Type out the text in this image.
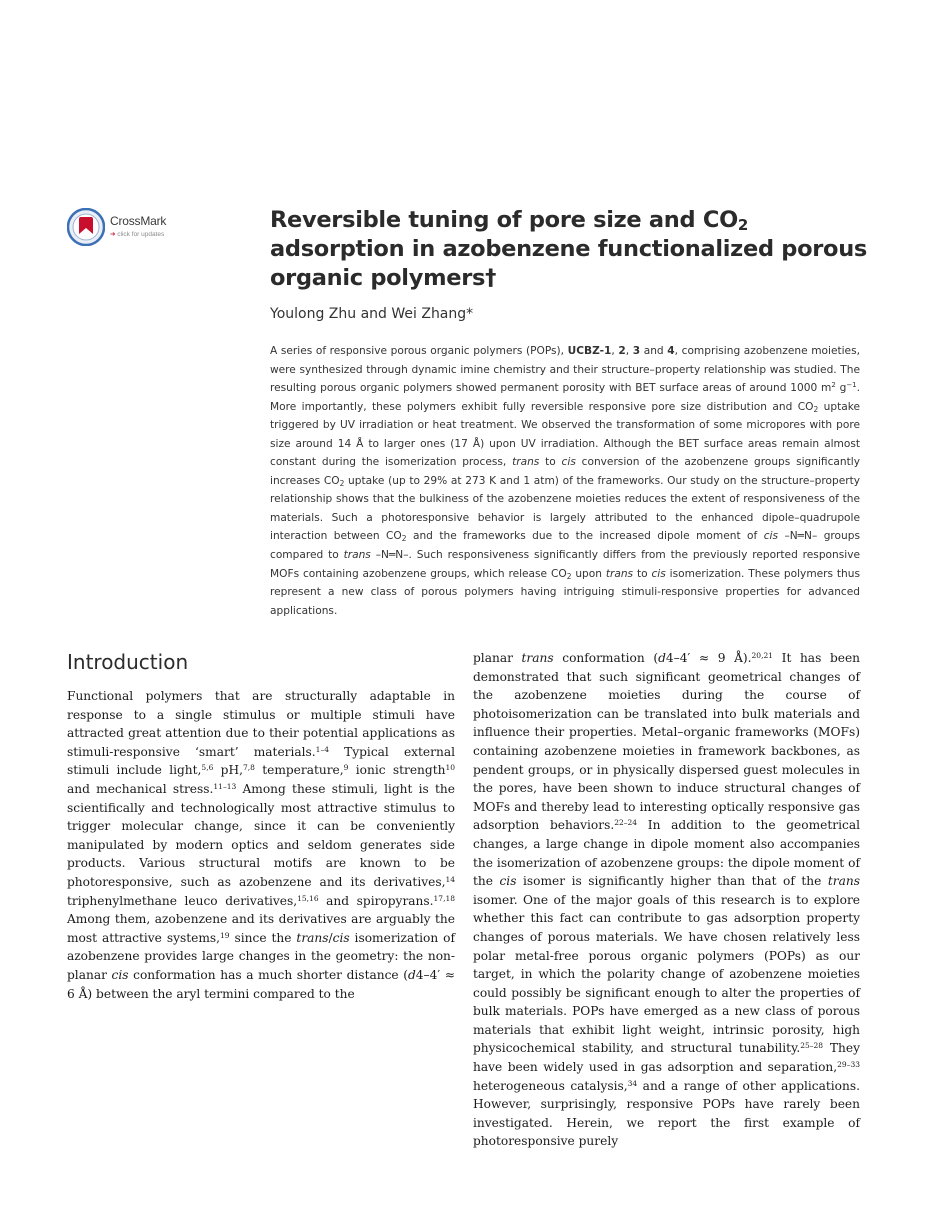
CrossMark
➔ click for updates
Reversible tuning of pore size and $CO_2$ adsorption in azobenzene functionalized porous organic polymers†
Youlong Zhu and Wei Zhang*

A series of responsive porous organic polymers (POPs), UCBZ-1, 2, 3 and 4, comprising azobenzene moieties, were synthesized through dynamic imine chemistry and their structure–property relationship was studied. The resulting porous organic polymers showed permanent porosity with BET surface areas of around 1000 $m^2$ $g^{-1}$. More importantly, these polymers exhibit fully reversible responsive pore size distribution and $CO_2$ uptake triggered by UV irradiation or heat treatment. We observed the transformation of some micropores with pore size around 14 Å to larger ones (17 Å) upon UV irradiation. Although the BET surface areas remain almost constant during the isomerization process, trans to cis conversion of the azobenzene groups significantly increases $CO_2$ uptake (up to 29% at 273 K and 1 atm) of the frameworks. Our study on the structure–property relationship shows that the bulkiness of the azobenzene moieties reduces the extent of responsiveness of the materials. Such a photoresponsive behavior is largely attributed to the enhanced dipole–quadrupole interaction between $CO_2$ and the frameworks due to the increased dipole moment of cis –N═N– groups compared to trans –N═N–. Such responsiveness significantly differs from the previously reported responsive MOFs containing azobenzene groups, which release $CO_2$ upon trans to cis isomerization. These polymers thus represent a new class of porous polymers having intriguing stimuli-responsive properties for advanced applications.

Introduction

Functional polymers that are structurally adaptable in response to a single stimulus or multiple stimuli have attracted great attention due to their potential applications as stimuli-responsive ‘smart’ materials.$^{1-4}$ Typical external stimuli include light,$^{5,6}$ pH,$^{7,8}$ temperature,$^9$ ionic strength$^{10}$ and mechanical stress.$^{11-13}$ Among these stimuli, light is the scientifically and technologically most attractive stimulus to trigger molecular change, since it can be conveniently manipulated by modern optics and seldom generates side products. Various structural motifs are known to be photoresponsive, such as azobenzene and its derivatives,$^{14}$ triphenylmethane leuco derivatives,$^{15,16}$ and spiropyrans.$^{17,18}$ Among them, azobenzene and its derivatives are arguably the most attractive systems,$^{19}$ since the trans/cis isomerization of azobenzene provides large changes in the geometry: the non-planar cis conformation has a much shorter distance (d4–4′ ≈ 6 Å) between the aryl termini compared to the

planar trans conformation (d4–4′ ≈ 9 Å).$^{20,21}$ It has been demonstrated that such significant geometrical changes of the azobenzene moieties during the course of photoisomerization can be translated into bulk materials and influence their properties. Metal–organic frameworks (MOFs) containing azobenzene moieties in framework backbones, as pendent groups, or in physically dispersed guest molecules in the pores, have been shown to induce structural changes of MOFs and thereby lead to interesting optically responsive gas adsorption behaviors.$^{22-24}$ In addition to the geometrical changes, a large change in dipole moment also accompanies the isomerization of azobenzene groups: the dipole moment of the cis isomer is significantly higher than that of the trans isomer. One of the major goals of this research is to explore whether this fact can contribute to gas adsorption property changes of porous materials. We have chosen relatively less polar metal-free porous organic polymers (POPs) as our target, in which the polarity change of azobenzene moieties could possibly be significant enough to alter the properties of bulk materials. POPs have emerged as a new class of porous materials that exhibit light weight, intrinsic porosity, high physicochemical stability, and structural tunability.$^{25-28}$ They have been widely used in gas adsorption and separation,$^{29-33}$ heterogeneous catalysis,$^{34}$ and a range of other applications. However, surprisingly, responsive POPs have rarely been investigated. Herein, we report the first example of photoresponsive purely
